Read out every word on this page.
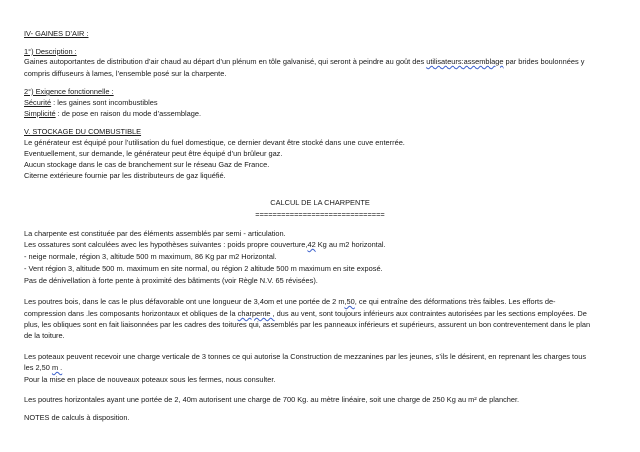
IV- GAINES D’AIR :
1°) Description :
Gaines autoportantes de distribution d’air chaud au départ d’un plénum en tôle galvanisé, qui seront à peindre au goût des utilisateurs:assemblage par brides boulonnées y
compris diffuseurs à lames, l’ensemble posé sur la charpente.
2°) Exigence fonctionnelle :
Sécurité : les gaines sont incombustibles
Simplicité : de pose en raison du mode d’assemblage.
V. STOCKAGE DU COMBUSTIBLE
Le générateur est équipé pour l’utilisation du fuel domestique, ce dernier devant être stocké dans une cuve enterrée.
Eventuellement, sur demande, le générateur peut être équipé d’un brûleur gaz.
Aucun stockage dans le cas de branchement sur le réseau Gaz de France.
Citerne extérieure fournie par les distributeurs de gaz liquéfié.
CALCUL DE LA CHARPENTE
==============================
La charpente est constituée par des éléments assemblés par semi - articulation.
Les ossatures sont calculées avec les hypothèses suivantes : poids propre couverture,42 Kg au m2 horizontal.
- neige normale, région 3, altitude 500 m maximum, 86 Kg par m2 Horizontal.
- Vent région 3, altitude 500 m. maximum en site normal, ou région 2 altitude 500 m maximum en site exposé.
Pas de dénivellation à forte pente à proximité des bâtiments (voir Règle N.V. 65 révisées).
Les poutres bois, dans le cas le plus défavorable ont une longueur de 3,4om et une portée de 2 m,50, ce qui entraîne des déformations très faibles. Les efforts de-
compression dans .les composants horizontaux et obliques de la charpente , dus au vent, sont toujours inférieurs aux contraintes autorisées par les sections employées. De
plus, les obliques sont en fait liaisonnées par les cadres des toitures qui, assemblés par les panneaux inférieurs et supérieurs, assurent un bon contreventement dans le plan
de la toiture.
Les poteaux peuvent recevoir une charge verticale de 3 tonnes ce qui autorise la Construction de mezzanines par les jeunes, s’ils le désirent, en reprenant les charges tous
les 2,50 m .
Pour la mise en place de nouveaux poteaux sous les fermes, nous consulter.
Les poutres horizontales ayant une portée de 2, 40m autorisent une charge de 700 Kg. au mètre linéaire, soit une charge de 250 Kg au m² de plancher.
NOTES de calculs à disposition.
